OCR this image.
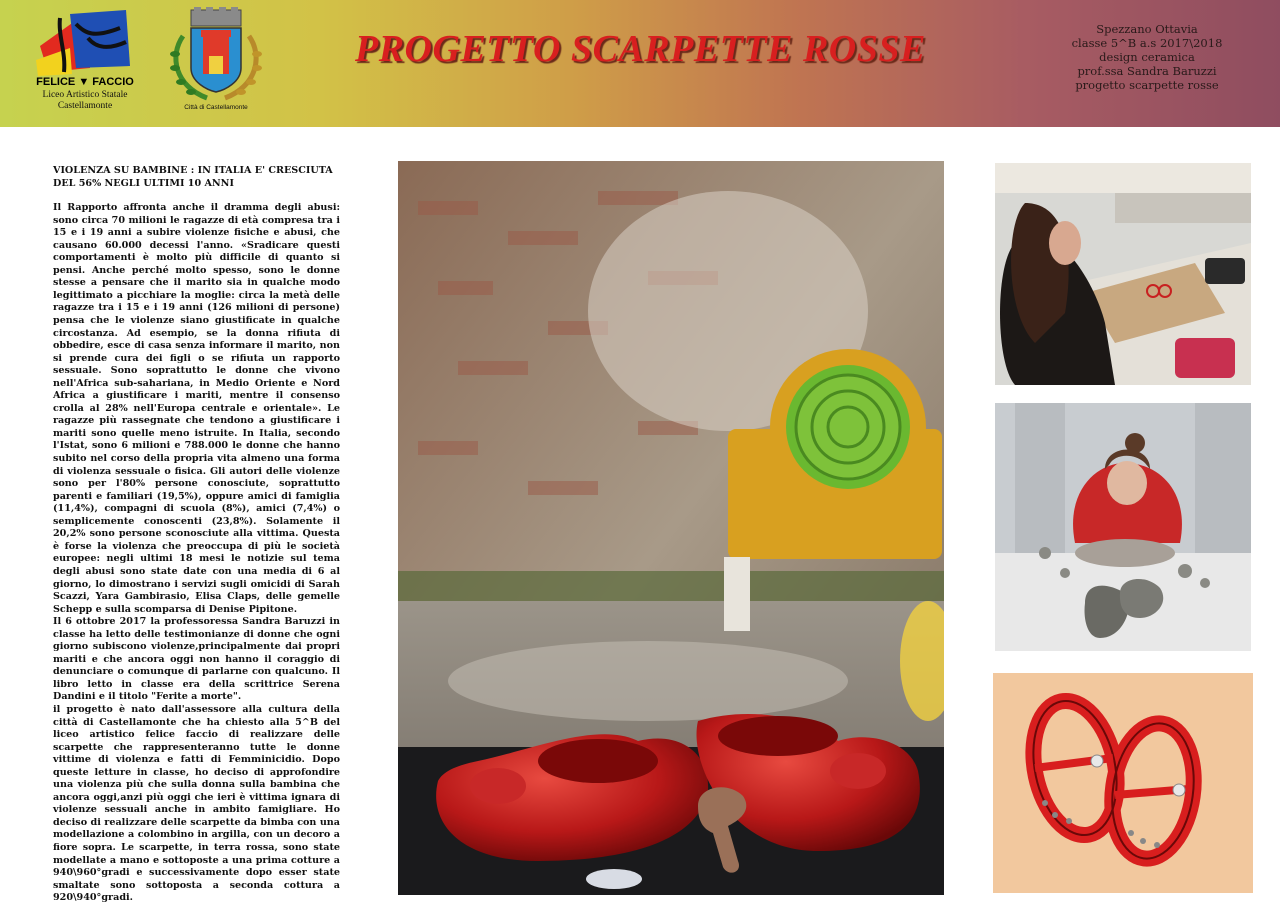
FELICE ▼ FACCIO
Liceo Artistico Statale
Castellamonte	Città di Castellamonte
PROGETTO SCARPETTE ROSSE	Spezzano Ottavia
classe 5^B a.s 2017\2018
design ceramica
prof.ssa Sandra Baruzzi
progetto scarpette rosse

VIOLENZA SU BAMBINE : IN ITALIA E' CRESCIUTA DEL 56% NEGLI ULTIMI 10 ANNI

Il Rapporto affronta anche il dramma degli abusi: sono circa 70 milioni le ragazze di età compresa tra i 15 e i 19 anni a subire violenze fisiche e abusi, che causano 60.000 decessi l'anno. «Sradicare questi comportamenti è molto più difficile di quanto si pensi. Anche perché molto spesso, sono le donne stesse a pensare che il marito sia in qualche modo legittimato a picchiare la moglie: circa la metà delle ragazze tra i 15 e i 19 anni (126 milioni di persone) pensa che le violenze siano giustificate in qualche circostanza. Ad esempio, se la donna rifiuta di obbedire, esce di casa senza informare il marito, non si prende cura dei figli o se rifiuta un rapporto sessuale. Sono soprattutto le donne che vivono nell'Africa sub-sahariana, in Medio Oriente e Nord Africa a giustificare i mariti, mentre il consenso crolla al 28% nell'Europa centrale e orientale». Le ragazze più rassegnate che tendono a giustificare i mariti sono quelle meno istruite. In Italia, secondo l'Istat, sono 6 milioni e 788.000 le donne che hanno subito nel corso della propria vita almeno una forma di violenza sessuale o fisica. Gli autori delle violenze sono per l'80% persone conosciute, soprattutto parenti e familiari (19,5%), oppure amici di famiglia (11,4%), compagni di scuola (8%), amici (7,4%) o semplicemente conoscenti (23,8%). Solamente il 20,2% sono persone sconosciute alla vittima. Questa è forse la violenza che preoccupa di più le società europee: negli ultimi 18 mesi le notizie sul tema degli abusi sono state date con una media di 6 al giorno, lo dimostrano i servizi sugli omicidi di Sarah Scazzi, Yara Gambirasio, Elisa Claps, delle gemelle Schepp e sulla scomparsa di Denise Pipitone.

Il 6 ottobre 2017 la professoressa Sandra Baruzzi in classe ha letto delle testimonianze di donne che ogni giorno subiscono violenze,principalmente dai propri mariti e che ancora oggi non hanno il coraggio di denunciare o comunque di parlarne con qualcuno. Il libro letto in classe era della scrittrice Serena Dandini e il titolo "Ferite a morte".

il progetto è nato dall'assessore alla cultura della città di Castellamonte che ha chiesto alla 5^B del liceo artistico felice faccio di realizzare delle scarpette che rappresenteranno tutte le donne vittime di violenza e fatti di Femminicidio. Dopo queste letture in classe, ho deciso di approfondire una violenza più che sulla donna sulla bambina che ancora oggi,anzi più oggi che ieri è vittima ignara di violenze sessuali anche in ambito famigliare. Ho deciso di realizzare delle scarpette da bimba con una modellazione a colombino in argilla, con un decoro a fiore sopra. Le scarpette, in terra rossa, sono state modellate a mano e sottoposte a una prima cotture a 940\960°gradi e successivamente dopo esser state smaltate sono sottoposta a seconda cottura a 920\940°gradi.
